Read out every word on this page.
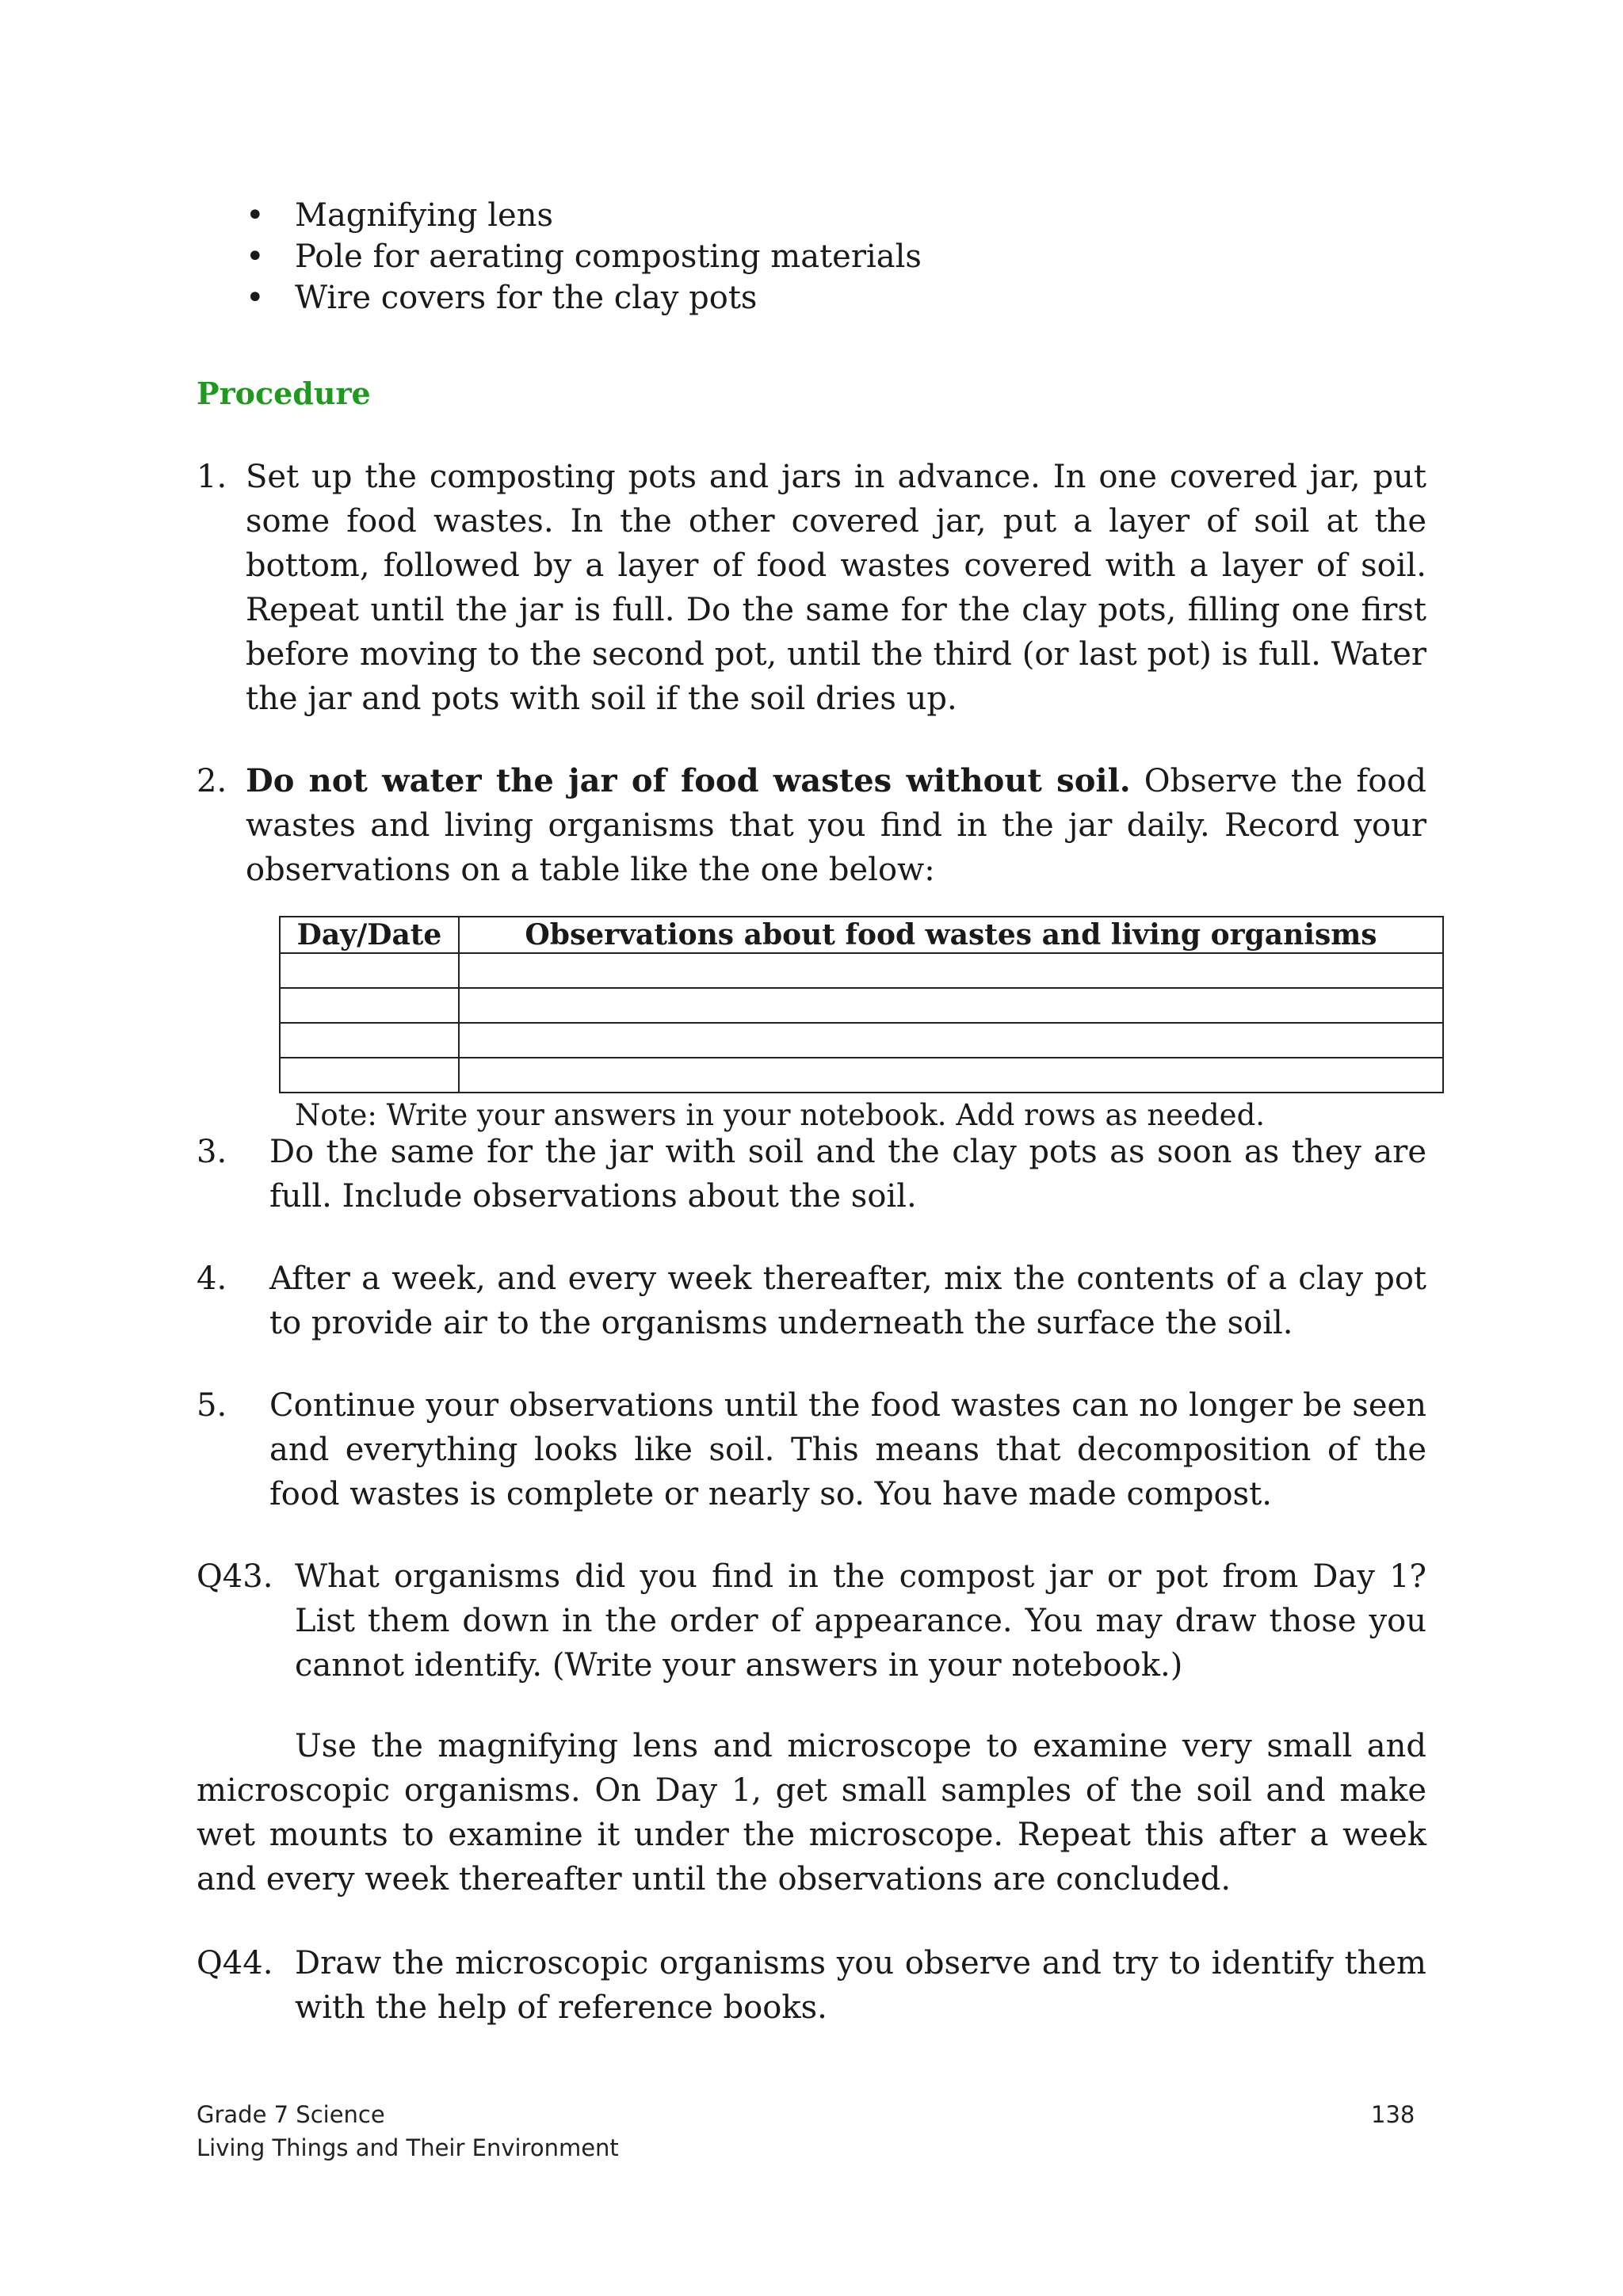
• Magnifying lens
• Pole for aerating composting materials
• Wire covers for the clay pots
Procedure
1. Set up the composting pots and jars in advance. In one covered jar, put some food wastes. In the other covered jar, put a layer of soil at the bottom, followed by a layer of food wastes covered with a layer of soil. Repeat until the jar is full. Do the same for the clay pots, filling one first before moving to the second pot, until the third (or last pot) is full. Water the jar and pots with soil if the soil dries up.
2. Do not water the jar of food wastes without soil. Observe the food wastes and living organisms that you find in the jar daily. Record your observations on a table like the one below:
Day/Date	Observations about food wastes and living organisms

Note: Write your answers in your notebook. Add rows as needed.
3. Do the same for the jar with soil and the clay pots as soon as they are full. Include observations about the soil.
4. After a week, and every week thereafter, mix the contents of a clay pot to provide air to the organisms underneath the surface the soil.
5. Continue your observations until the food wastes can no longer be seen and everything looks like soil. This means that decomposition of the food wastes is complete or nearly so. You have made compost.
Q43. What organisms did you find in the compost jar or pot from Day 1? List them down in the order of appearance. You may draw those you cannot identify. (Write your answers in your notebook.)
Use the magnifying lens and microscope to examine very small and microscopic organisms. On Day 1, get small samples of the soil and make wet mounts to examine it under the microscope. Repeat this after a week and every week thereafter until the observations are concluded.
Q44. Draw the microscopic organisms you observe and try to identify them with the help of reference books.
Grade 7 Science
Living Things and Their Environment
138
